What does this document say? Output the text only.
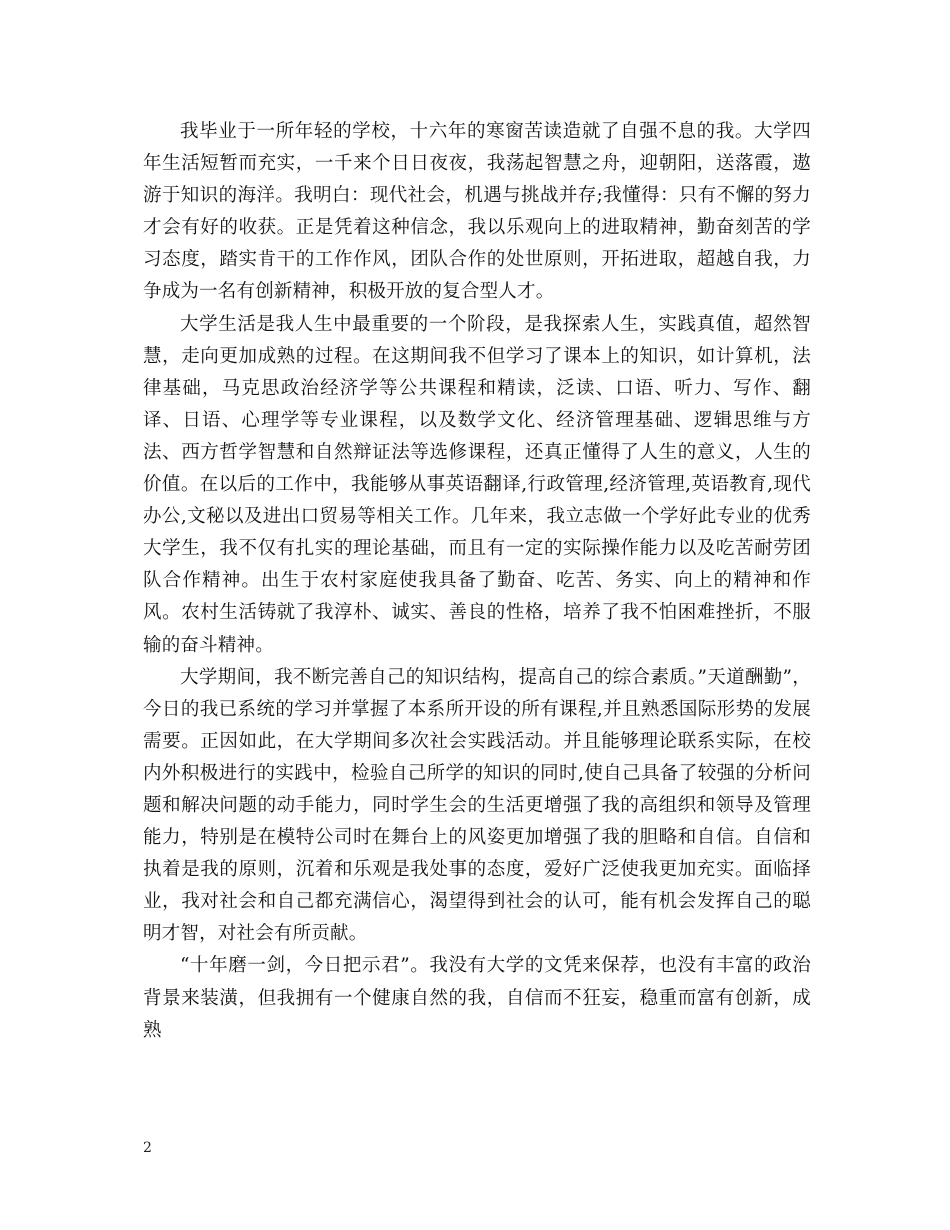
我毕业于一所年轻的学校，十六年的寒窗苦读造就了自强不息的我。大学四年生活短暂而充实，一千来个日日夜夜，我荡起智慧之舟，迎朝阳，送落霞，遨游于知识的海洋。我明白：现代社会，机遇与挑战并存;我懂得：只有不懈的努力才会有好的收获。正是凭着这种信念，我以乐观向上的进取精神，勤奋刻苦的学习态度，踏实肯干的工作作风，团队合作的处世原则，开拓进取，超越自我，力争成为一名有创新精神，积极开放的复合型人才。

大学生活是我人生中最重要的一个阶段，是我探索人生，实践真值，超然智慧，走向更加成熟的过程。在这期间我不但学习了课本上的知识，如计算机，法律基础，马克思政治经济学等公共课程和精读，泛读、口语、听力、写作、翻译、日语、心理学等专业课程，以及数学文化、经济管理基础、逻辑思维与方法、西方哲学智慧和自然辩证法等选修课程，还真正懂得了人生的意义，人生的价值。在以后的工作中，我能够从事英语翻译,行政管理,经济管理,英语教育,现代办公,文秘以及进出口贸易等相关工作。几年来，我立志做一个学好此专业的优秀大学生，我不仅有扎实的理论基础，而且有一定的实际操作能力以及吃苦耐劳团队合作精神。出生于农村家庭使我具备了勤奋、吃苦、务实、向上的精神和作风。农村生活铸就了我淳朴、诚实、善良的性格，培养了我不怕困难挫折，不服输的奋斗精神。

大学期间，我不断完善自己的知识结构，提高自己的综合素质。”天道酬勤”，今日的我已系统的学习并掌握了本系所开设的所有课程,并且熟悉国际形势的发展需要。正因如此，在大学期间多次社会实践活动。并且能够理论联系实际，在校内外积极进行的实践中，检验自己所学的知识的同时,使自己具备了较强的分析问题和解决问题的动手能力，同时学生会的生活更增强了我的高组织和领导及管理能力，特别是在模特公司时在舞台上的风姿更加增强了我的胆略和自信。自信和执着是我的原则，沉着和乐观是我处事的态度，爱好广泛使我更加充实。面临择业，我对社会和自己都充满信心，渴望得到社会的认可，能有机会发挥自己的聪明才智，对社会有所贡献。

“十年磨一剑，今日把示君”。我没有大学的文凭来保荐，也没有丰富的政治背景来装潢，但我拥有一个健康自然的我，自信而不狂妄，稳重而富有创新，成熟

2
